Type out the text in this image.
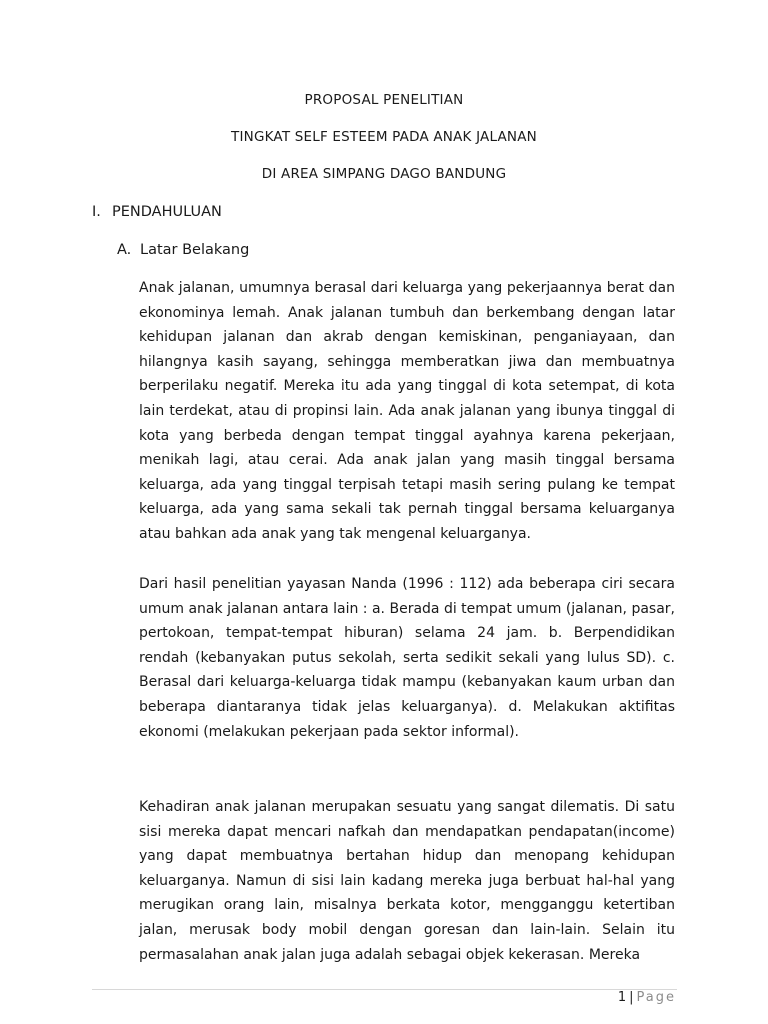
PROPOSAL PENELITIAN
TINGKAT SELF ESTEEM PADA ANAK JALANAN
DI AREA SIMPANG DAGO BANDUNG
I. PENDAHULUAN
A. Latar Belakang

Anak jalanan, umumnya berasal dari keluarga yang pekerjaannya berat dan ekonominya lemah. Anak jalanan tumbuh dan berkembang dengan latar kehidupan jalanan dan akrab dengan kemiskinan, penganiayaan, dan hilangnya kasih sayang, sehingga memberatkan jiwa dan membuatnya berperilaku negatif. Mereka itu ada yang tinggal di kota setempat, di kota lain terdekat, atau di propinsi lain. Ada anak jalanan yang ibunya tinggal di kota yang berbeda dengan tempat tinggal ayahnya karena pekerjaan, menikah lagi, atau cerai. Ada anak jalan yang masih tinggal bersama keluarga, ada yang tinggal terpisah tetapi masih sering pulang ke tempat keluarga, ada yang sama sekali tak pernah tinggal bersama keluarganya atau bahkan ada anak yang tak mengenal keluarganya.

Dari hasil penelitian yayasan Nanda (1996 : 112) ada beberapa ciri secara umum anak jalanan antara lain : a. Berada di tempat umum (jalanan, pasar, pertokoan, tempat-tempat hiburan) selama 24 jam. b. Berpendidikan rendah (kebanyakan putus sekolah, serta sedikit sekali yang lulus SD). c. Berasal dari keluarga-keluarga tidak mampu (kebanyakan kaum urban dan beberapa diantaranya tidak jelas keluarganya). d. Melakukan aktifitas ekonomi (melakukan pekerjaan pada sektor informal).

Kehadiran anak jalanan merupakan sesuatu yang sangat dilematis. Di satu sisi mereka dapat mencari nafkah dan mendapatkan pendapatan(income) yang dapat membuatnya bertahan hidup dan menopang kehidupan keluarganya. Namun di sisi lain kadang mereka juga berbuat hal-hal yang merugikan orang lain, misalnya berkata kotor, mengganggu ketertiban jalan, merusak body mobil dengan goresan dan lain-lain. Selain itu permasalahan anak jalan juga adalah sebagai objek kekerasan. Mereka

1 | Page
